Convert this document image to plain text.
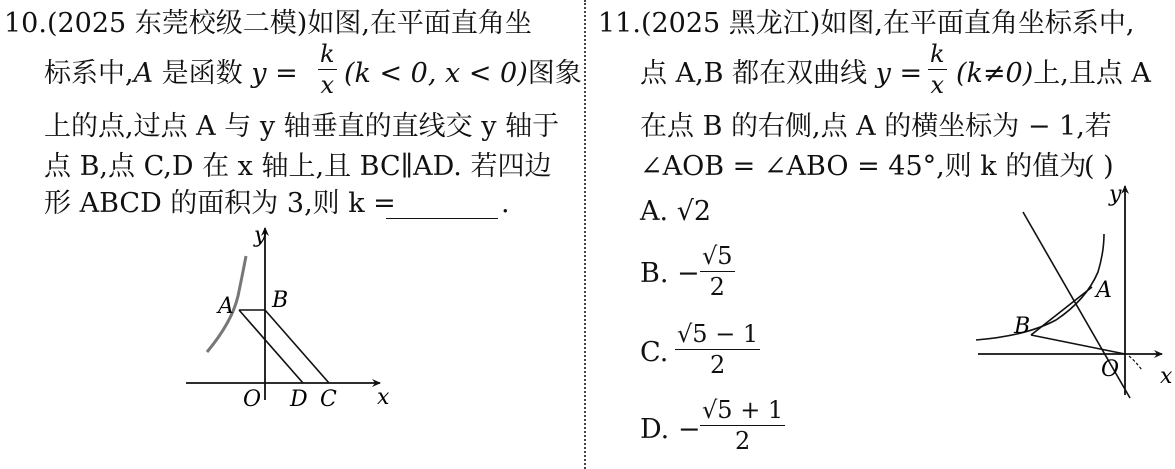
10.(2025 东莞校级二模)如图,在平面直角坐
标系中,A 是函数 $y = \frac{k}{x} (k < 0$, x < 0)图象
上的点,过点 A 与 y 轴垂直的直线交 y 轴于
点 B,点 C,D 在 x 轴上,且 BC∥AD. 若四边
形 ABCD 的面积为 3,则 k =	.
y
x
A B
O D C
11.(2025 黑龙江)如图,在平面直角坐标系中,
点 A,B 都在双曲线 $y = \frac{k}{x} (k\ne 0)$上,且点 A
在点 B 的右侧,点 A 的横坐标为 − 1,若
∠AOB = ∠ABO = 45°,则 k 的值为
( )
A. √2
B. − $\frac{√5}{2}$
C. $\frac{√5 - 1}{2}$
D. − $\frac{√5 + 1}{2}$
y
x
A
B
O
